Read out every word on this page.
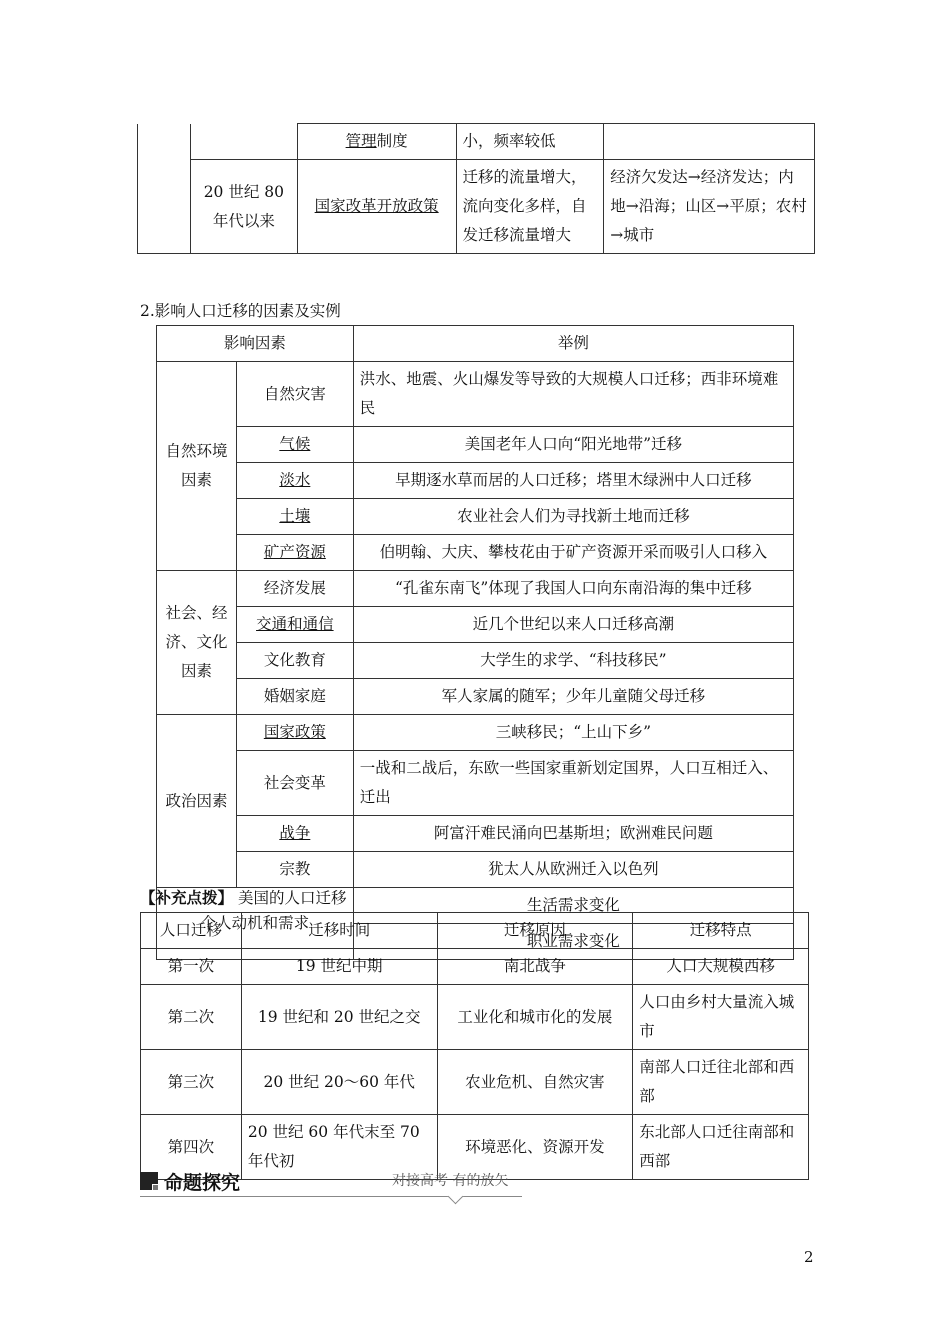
		管理制度	小，频率较低	
	20 世纪 80 年代以来	国家改革开放政策	迁移的流量增大，流向变化多样，自发迁移流量增大	经济欠发达→经济发达；内地→沿海；山区→平原；农村→城市
2.影响人口迁移的因素及实例
影响因素		举例
自然环境因素	自然灾害	洪水、地震、火山爆发等导致的大规模人口迁移；西非环境难民
	气候	美国老年人口向“阳光地带”迁移
	淡水	早期逐水草而居的人口迁移；塔里木绿洲中人口迁移
	土壤	农业社会人们为寻找新土地而迁移
	矿产资源	伯明翰、大庆、攀枝花由于矿产资源开采而吸引人口移入
社会、经济、文化因素	经济发展	“孔雀东南飞”体现了我国人口向东南沿海的集中迁移
	交通和通信	近几个世纪以来人口迁移高潮
	文化教育	大学生的求学、“科技移民”
	婚姻家庭	军人家属的随军；少年儿童随父母迁移
政治因素	国家政策	三峡移民；“上山下乡”
	社会变革	一战和二战后，东欧一些国家重新划定国界，人口互相迁入、迁出
	战争	阿富汗难民涌向巴基斯坦；欧洲难民问题
	宗教	犹太人从欧洲迁入以色列
个人动机和需求		生活需求变化
		职业需求变化
【补充点拨】 美国的人口迁移
人口迁移	迁移时间	迁移原因	迁移特点
第一次	19 世纪中期	南北战争	人口大规模西移
第二次	19 世纪和 20 世纪之交	工业化和城市化的发展	人口由乡村大量流入城市
第三次	20 世纪 20～60 年代	农业危机、自然灾害	南部人口迁往北部和西部
第四次	20 世纪 60 年代末至 70 年代初	环境恶化、资源开发	东北部人口迁往南部和西部
命题探究	对接高考 有的放矢
2
